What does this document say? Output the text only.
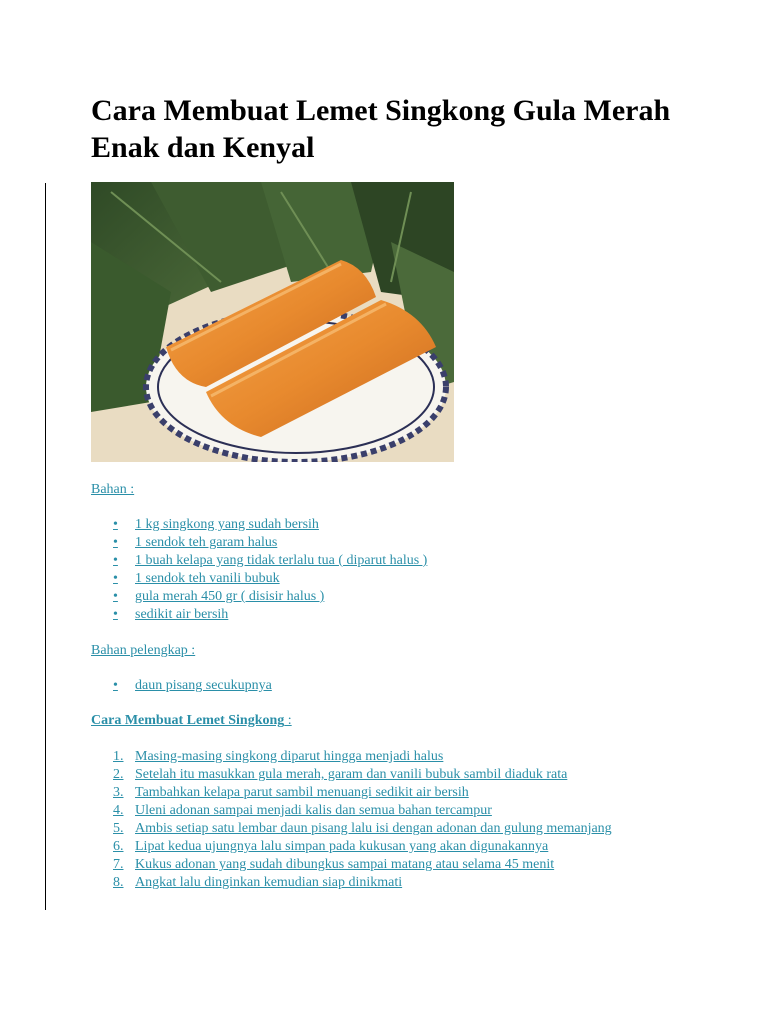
Cara Membuat Lemet Singkong Gula Merah Enak dan Kenyal
Bahan :
• 1 kg singkong yang sudah bersih
• 1 sendok teh garam halus
• 1 buah kelapa yang tidak terlalu tua ( diparut halus )
• 1 sendok teh vanili bubuk
• gula merah 450 gr ( disisir halus )
• sedikit air bersih
Bahan pelengkap :
• daun pisang secukupnya
Cara Membuat Lemet Singkong :
1. Masing-masing singkong diparut hingga menjadi halus
2. Setelah itu masukkan gula merah, garam dan vanili bubuk sambil diaduk rata
3. Tambahkan kelapa parut sambil menuangi sedikit air bersih
4. Uleni adonan sampai menjadi kalis dan semua bahan tercampur
5. Ambis setiap satu lembar daun pisang lalu isi dengan adonan dan gulung memanjang
6. Lipat kedua ujungnya lalu simpan pada kukusan yang akan digunakannya
7. Kukus adonan yang sudah dibungkus sampai matang atau selama 45 menit
8. Angkat lalu dinginkan kemudian siap dinikmati
